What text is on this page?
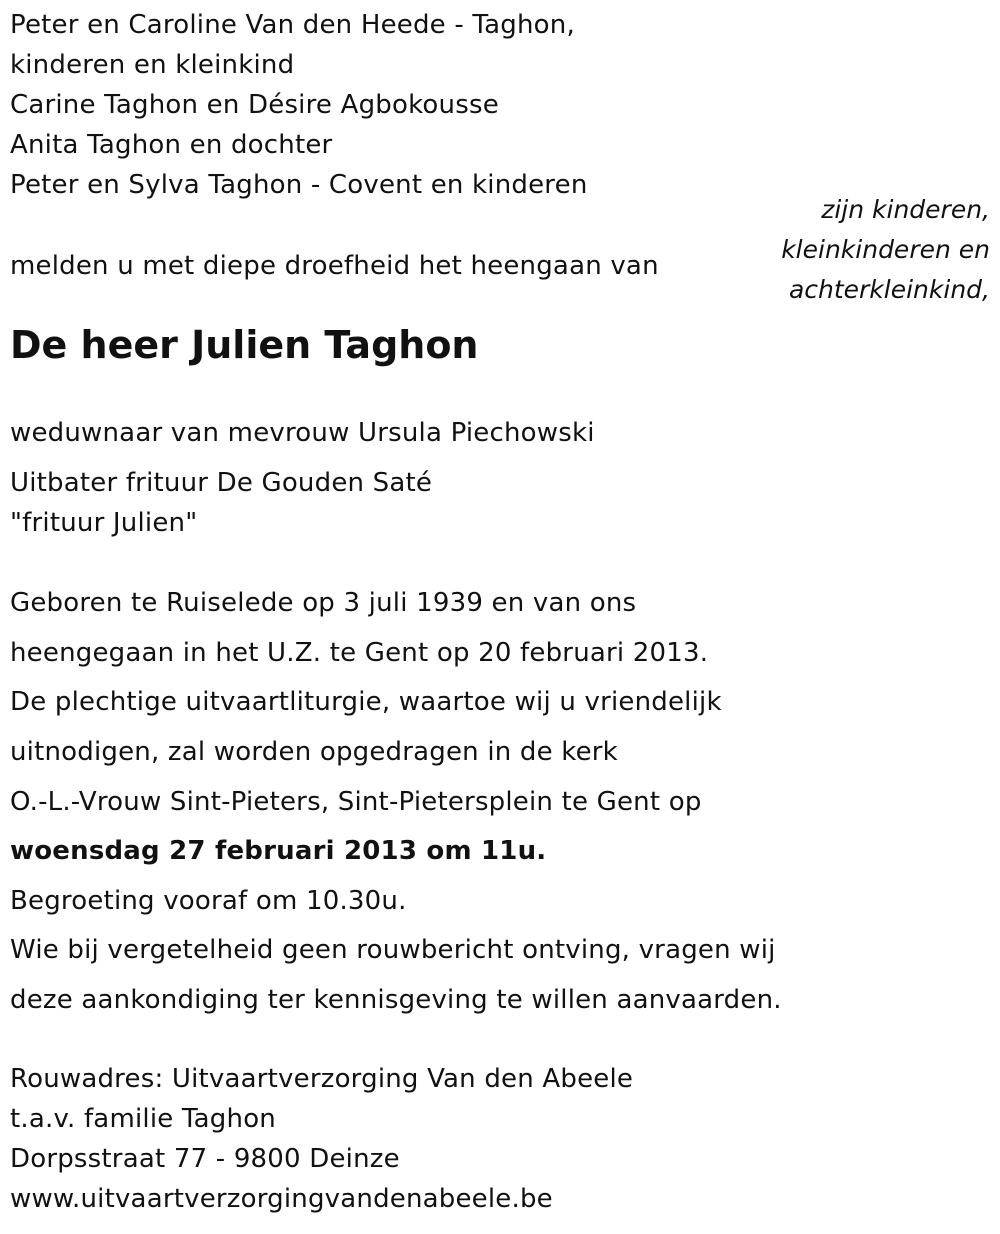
Peter en Caroline Van den Heede - Taghon,
kinderen en kleinkind
Carine Taghon en Désire Agbokousse
Anita Taghon en dochter
Peter en Sylva Taghon - Covent en kinderen
zijn kinderen,
kleinkinderen en
achterkleinkind,
melden u met diepe droefheid het heengaan van
De heer Julien Taghon
weduwnaar van mevrouw Ursula Piechowski
Uitbater frituur De Gouden Saté
"frituur Julien"
Geboren te Ruiselede op 3 juli 1939 en van ons
heengegaan in het U.Z. te Gent op 20 februari 2013.
De plechtige uitvaartliturgie, waartoe wij u vriendelijk
uitnodigen, zal worden opgedragen in de kerk
O.-L.-Vrouw Sint-Pieters, Sint-Pietersplein te Gent op
woensdag 27 februari 2013 om 11u.
Begroeting vooraf om 10.30u.
Wie bij vergetelheid geen rouwbericht ontving, vragen wij
deze aankondiging ter kennisgeving te willen aanvaarden.
Rouwadres: Uitvaartverzorging Van den Abeele
t.a.v. familie Taghon
Dorpsstraat 77 - 9800 Deinze
www.uitvaartverzorgingvandenabeele.be
